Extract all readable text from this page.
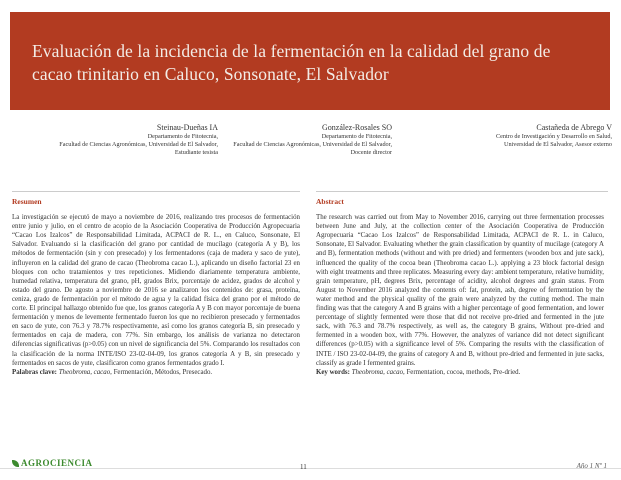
Evaluación de la incidencia de la fermentación en la calidad del grano de cacao trinitario en Caluco, Sonsonate, El Salvador
Steinau-Dueñas IA
Departamento de Fitotecnia,
Facultad de Ciencias Agronómicas, Universidad de El Salvador,
Estudiante tesista
González-Rosales SO
Departamento de Fitotecnia,
Facultad de Ciencias Agronómicas, Universidad de El Salvador,
Docente director
Castañeda de Abrego V
Centro de Investigación y Desarrollo en Salud,
Universidad de El Salvador, Asesor externo
Resumen

La investigación se ejecutó de mayo a noviembre de 2016, realizando tres procesos de fermentación entre junio y julio, en el centro de acopio de la Asociación Cooperativa de Producción Agropecuaria “Cacao Los Izalcos” de Responsabilidad Limitada, ACPACI de R. L., en Caluco, Sonsonate, El Salvador. Evaluando si la clasificación del grano por cantidad de mucílago (categoría A y B), los métodos de fermentación (sin y con presecado) y los fermentadores (caja de madera y saco de yute), influyeron en la calidad del grano de cacao (Theobroma cacao L.), aplicando un diseño factorial 23 en bloques con ocho tratamientos y tres repeticiones. Midiendo diariamente temperatura ambiente, humedad relativa, temperatura del grano, pH, grados Brix, porcentaje de acidez, grados de alcohol y estado del grano. De agosto a noviembre de 2016 se analizaron los contenidos de: grasa, proteína, ceniza, grado de fermentación por el método de agua y la calidad física del grano por el método de corte. El principal hallazgo obtenido fue que, los granos categoría A y B con mayor porcentaje de buena fermentación y menos de levemente fermentado fueron los que no recibieron presecado y fermentados en saco de yute, con 76.3 y 78.7% respectivamente, así como los granos categoría B, sin presecado y fermentados en caja de madera, con 77%. Sin embargo, los análisis de varianza no detectaron diferencias significativas (p>0.05) con un nivel de significancia del 5%. Comparando los resultados con la clasificación de la norma INTE/ISO 23-02-04-09, los granos categoría A y B, sin presecado y fermentados en sacos de yute, clasificaron como granos fermentados grado I.

Palabras clave: Theobroma, cacao, Fermentación, Métodos, Presecado.

Abstract

The research was carried out from May to November 2016, carrying out three fermentation processes between June and July, at the collection center of the Asociación Cooperativa de Producción Agropecuaria “Cacao Los Izalcos” de Responsabilidad Limitada, ACPACI de R. L. in Caluco, Sonsonate, El Salvador. Evaluating whether the grain classification by quantity of mucilage (category A and B), fermentation methods (without and with pre dried) and fermenters (wooden box and jute sack), influenced the quality of the cocoa bean (Theobroma cacao L.). applying a 23 block factorial design with eight treatments and three replicates. Measuring every day: ambient temperature, relative humidity, grain temperature, pH, degrees Brix, percentage of acidity, alcohol degrees and grain status. From August to November 2016 analyzed the contents of: fat, protein, ash, degree of fermentation by the water method and the physical quality of the grain were analyzed by the cutting method. The main finding was that the category A and B grains with a higher percentage of good fermentation, and lower percentage of slightly fermented were those that did not receive pre-dried and fermented in the jute sack, with 76.3 and 78.7% respectively, as well as, the category B grains, Without pre-dried and fermented in a wooden box, with 77%. However, the analyzes of variance did not detect significant differences (p>0.05) with a significance level of 5%. Comparing the results with the classification of INTE / ISO 23-02-04-09, the grains of category A and B, without pre-dried and fermented in jute sacks, classify as grade I fermented grains.

Key words: Theobroma, cacao, Fermentation, cocoa, methods, Pre-dried.

AGROCIENCIA	11	Año 1 Nº 1
